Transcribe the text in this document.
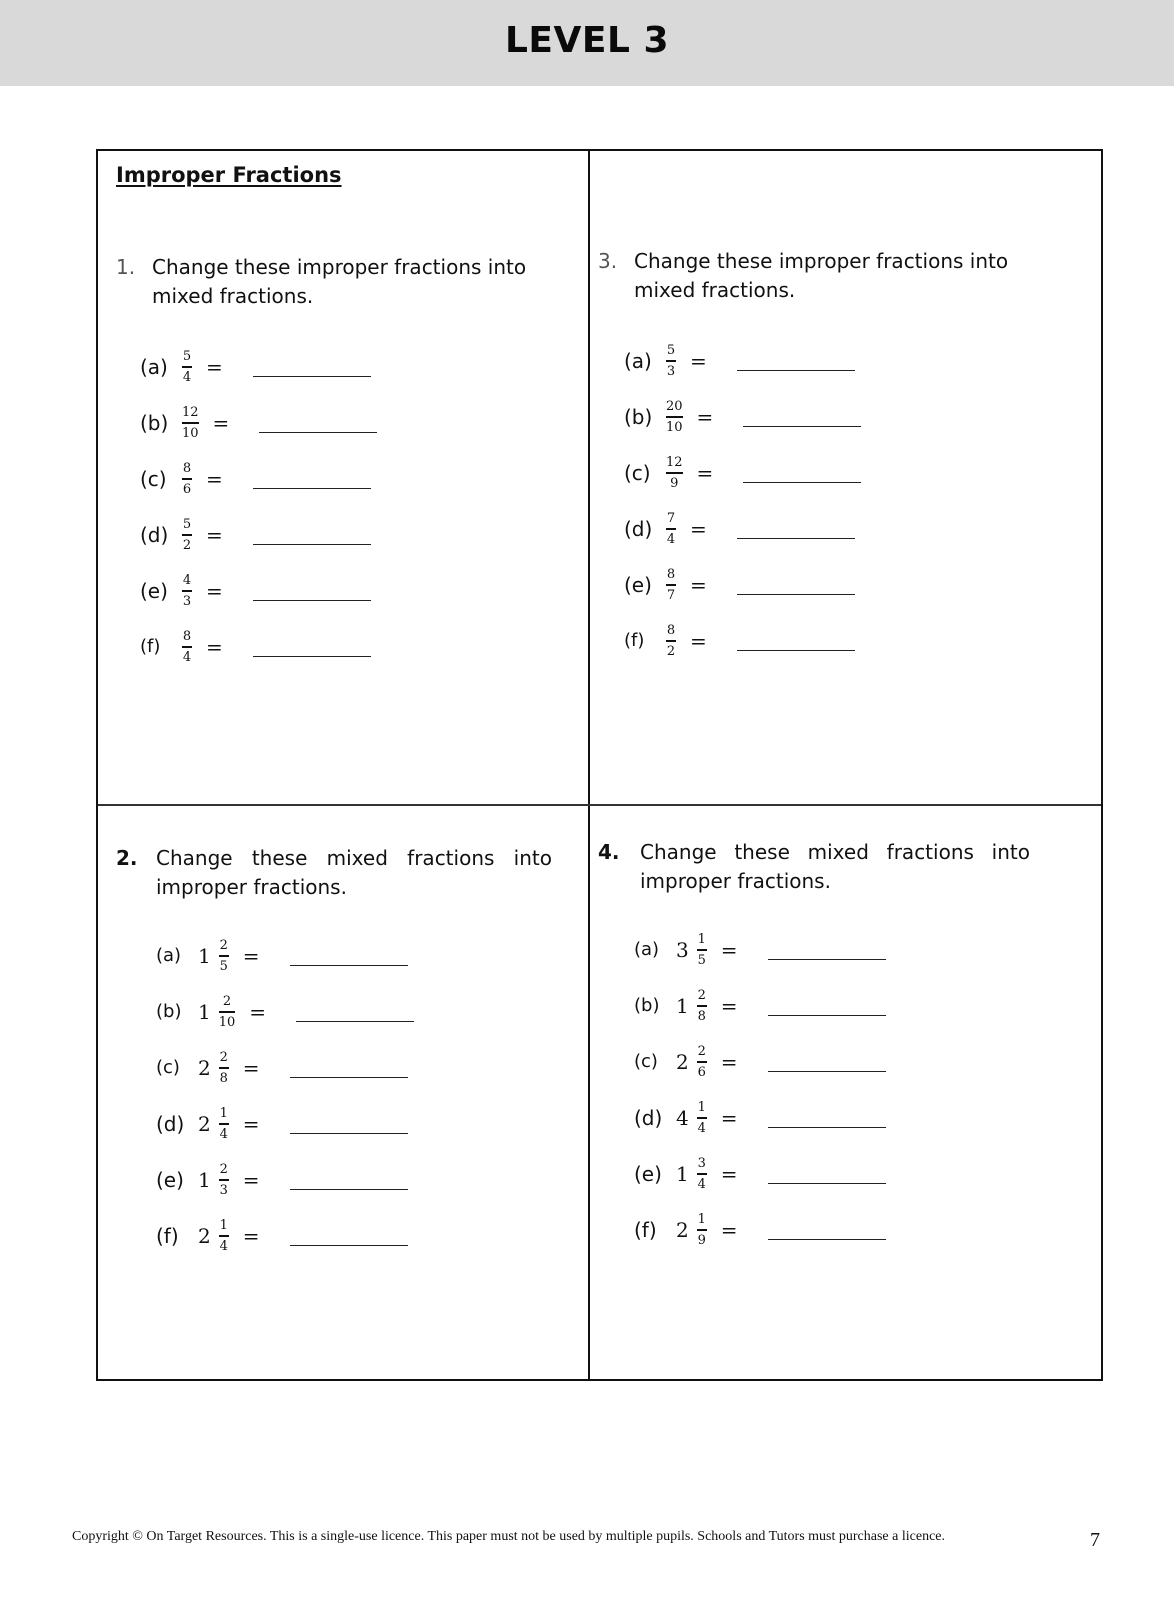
LEVEL 3
Improper Fractions
1. Change these improper fractions into mixed fractions.
(a)	$\frac{5}{4}$ =
(b)	$\frac{12}{10}$ =
(c)	$\frac{8}{6}$ =
(d)	$\frac{5}{2}$ =
(e)	$\frac{4}{3}$ =
(f)	$\frac{8}{4}$ =
3. Change these improper fractions into mixed fractions.
(a)	$\frac{5}{3}$ =
(b)	$\frac{20}{10}$ =
(c)	$\frac{12}{9}$ =
(d)	$\frac{7}{4}$ =
(e)	$\frac{8}{7}$ =
(f)	$\frac{8}{2}$ =
2. Change these mixed fractions into improper fractions.
(a) $1 \frac{2}{5}$ =
(b) $1 \frac{2}{10}$ =
(c) $2 \frac{2}{8}$ =
(d) $2 \frac{1}{4}$ =
(e) $1 \frac{2}{3}$ =
(f) $2 \frac{1}{4}$ =
4.	Change these mixed fractions into improper fractions.
(a) $3 \frac{1}{5}$ =
(b) $1 \frac{2}{8}$ =
(c) $2 \frac{2}{6}$ =
(d) $4 \frac{1}{4}$ =
(e) $1 \frac{3}{4}$ =
(f) $2 \frac{1}{9}$ =
Copyright © On Target Resources. This is a single-use licence. This paper must not be used by multiple pupils. Schools and Tutors must purchase a licence.	7
